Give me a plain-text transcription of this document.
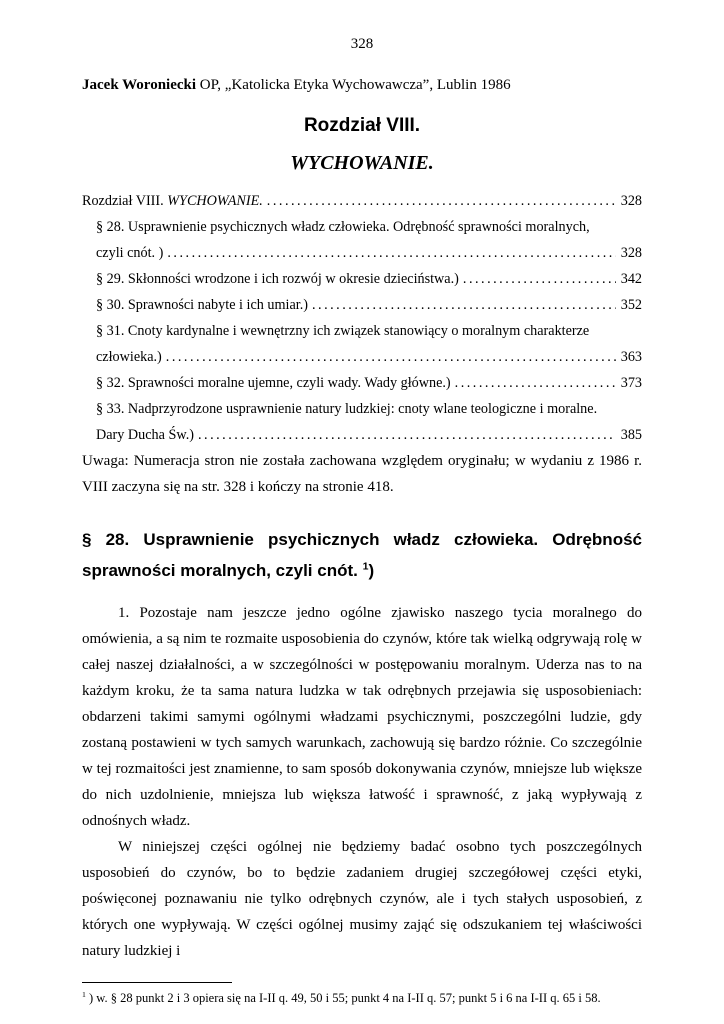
328

Jacek Woroniecki OP, „Katolicka Etyka Wychowawcza”, Lublin 1986

Rozdział VIII.
WYCHOWANIE.
Rozdział VIII. WYCHOWANIE. .....	328
§ 28. Usprawnienie psychicznych władz człowieka. Odrębność sprawności moralnych,
czyli cnót. ) .....	328
§ 29. Skłonności wrodzone i ich rozwój w okresie dzieciństwa.) .....	342
§ 30. Sprawności nabyte i ich umiar.) .....	352
§ 31. Cnoty kardynalne i wewnętrzny ich związek stanowiący o moralnym charakterze
człowieka.) .....	363
§ 32. Sprawności moralne ujemne, czyli wady. Wady główne.) .....	373
§ 33. Nadprzyrodzone usprawnienie natury ludzkiej: cnoty wlane teologiczne i moralne.
Dary Ducha Św.) .....	385

Uwaga: Numeracja stron nie została zachowana względem oryginału; w wydaniu z 1986 r. VIII zaczyna się na str. 328 i kończy na stronie 418.

§ 28. Usprawnienie psychicznych władz człowieka. Odrębność sprawności moralnych, czyli cnót. $^1$)

1. Pozostaje nam jeszcze jedno ogólne zjawisko naszego tycia moralnego do omówienia, a są nim te rozmaite usposobienia do czynów, które tak wielką odgrywają rolę w całej naszej działalności, a w szczególności w postępowaniu moralnym. Uderza nas to na każdym kroku, że ta sama natura ludzka w tak odrębnych przejawia się usposobieniach: obdarzeni takimi samymi ogólnymi władzami psychicznymi, poszczególni ludzie, gdy zostaną postawieni w tych samych warunkach, zachowują się bardzo różnie. Co szczególnie w tej rozmaitości jest znamienne, to sam sposób dokonywania czynów, mniejsze lub większe do nich uzdolnienie, mniejsza lub większa łatwość i sprawność, z jaką wypływają z odnośnych władz.

W niniejszej części ogólnej nie będziemy badać osobno tych poszczególnych usposobień do czynów, bo to będzie zadaniem drugiej szczegółowej części etyki, poświęconej poznawaniu nie tylko odrębnych czynów, ale i tych stałych usposobień, z których one wypływają. W części ogólnej musimy zająć się odszukaniem tej właściwości natury ludzkiej i

$^1$ ) w. § 28 punkt 2 i 3 opiera się na I-II q. 49, 50 i 55; punkt 4 na I-II q. 57; punkt 5 i 6 na I-II q. 65 i 58.
